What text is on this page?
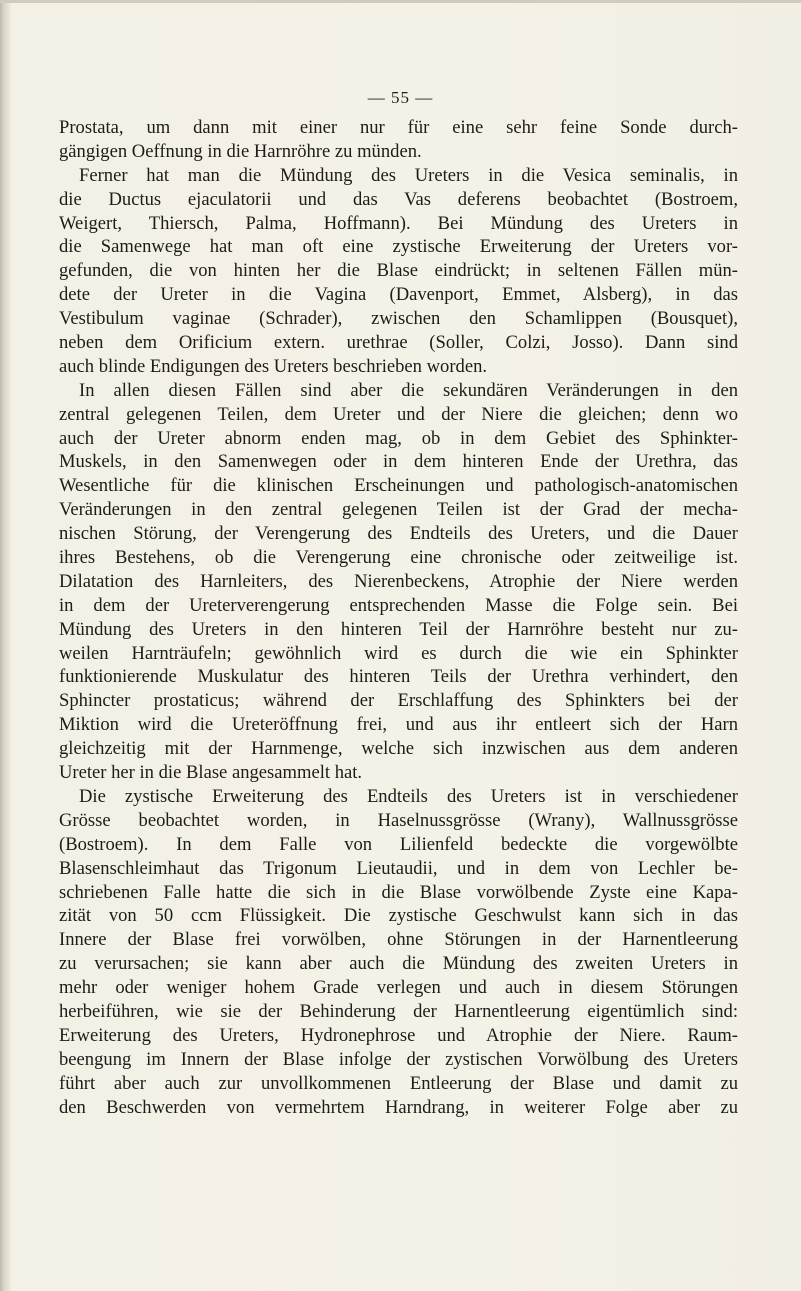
— 55 —
Prostata, um dann mit einer nur für eine sehr feine Sonde durch-
gängigen Oeffnung in die Harnröhre zu münden.
Ferner hat man die Mündung des Ureters in die Vesica seminalis, in
die Ductus ejaculatorii und das Vas deferens beobachtet (Bostroem,
Weigert, Thiersch, Palma, Hoffmann). Bei Mündung des Ureters in
die Samenwege hat man oft eine zystische Erweiterung der Ureters vor-
gefunden, die von hinten her die Blase eindrückt; in seltenen Fällen mün-
dete der Ureter in die Vagina (Davenport, Emmet, Alsberg), in das
Vestibulum vaginae (Schrader), zwischen den Schamlippen (Bousquet),
neben dem Orificium extern. urethrae (Soller, Colzi, Josso). Dann sind
auch blinde Endigungen des Ureters beschrieben worden.
In allen diesen Fällen sind aber die sekundären Veränderungen in den
zentral gelegenen Teilen, dem Ureter und der Niere die gleichen; denn wo
auch der Ureter abnorm enden mag, ob in dem Gebiet des Sphinkter-
Muskels, in den Samenwegen oder in dem hinteren Ende der Urethra, das
Wesentliche für die klinischen Erscheinungen und pathologisch-anatomischen
Veränderungen in den zentral gelegenen Teilen ist der Grad der mecha-
nischen Störung, der Verengerung des Endteils des Ureters, und die Dauer
ihres Bestehens, ob die Verengerung eine chronische oder zeitweilige ist.
Dilatation des Harnleiters, des Nierenbeckens, Atrophie der Niere werden
in dem der Ureterverengerung entsprechenden Masse die Folge sein. Bei
Mündung des Ureters in den hinteren Teil der Harnröhre besteht nur zu-
weilen Harnträufeln; gewöhnlich wird es durch die wie ein Sphinkter
funktionierende Muskulatur des hinteren Teils der Urethra verhindert, den
Sphincter prostaticus; während der Erschlaffung des Sphinkters bei der
Miktion wird die Ureteröffnung frei, und aus ihr entleert sich der Harn
gleichzeitig mit der Harnmenge, welche sich inzwischen aus dem anderen
Ureter her in die Blase angesammelt hat.
Die zystische Erweiterung des Endteils des Ureters ist in verschiedener
Grösse beobachtet worden, in Haselnussgrösse (Wrany), Wallnussgrösse
(Bostroem). In dem Falle von Lilienfeld bedeckte die vorgewölbte
Blasenschleimhaut das Trigonum Lieutaudii, und in dem von Lechler be-
schriebenen Falle hatte die sich in die Blase vorwölbende Zyste eine Kapa-
zität von 50 ccm Flüssigkeit. Die zystische Geschwulst kann sich in das
Innere der Blase frei vorwölben, ohne Störungen in der Harnentleerung
zu verursachen; sie kann aber auch die Mündung des zweiten Ureters in
mehr oder weniger hohem Grade verlegen und auch in diesem Störungen
herbeiführen, wie sie der Behinderung der Harnentleerung eigentümlich sind:
Erweiterung des Ureters, Hydronephrose und Atrophie der Niere. Raum-
beengung im Innern der Blase infolge der zystischen Vorwölbung des Ureters
führt aber auch zur unvollkommenen Entleerung der Blase und damit zu
den Beschwerden von vermehrtem Harndrang, in weiterer Folge aber zu
